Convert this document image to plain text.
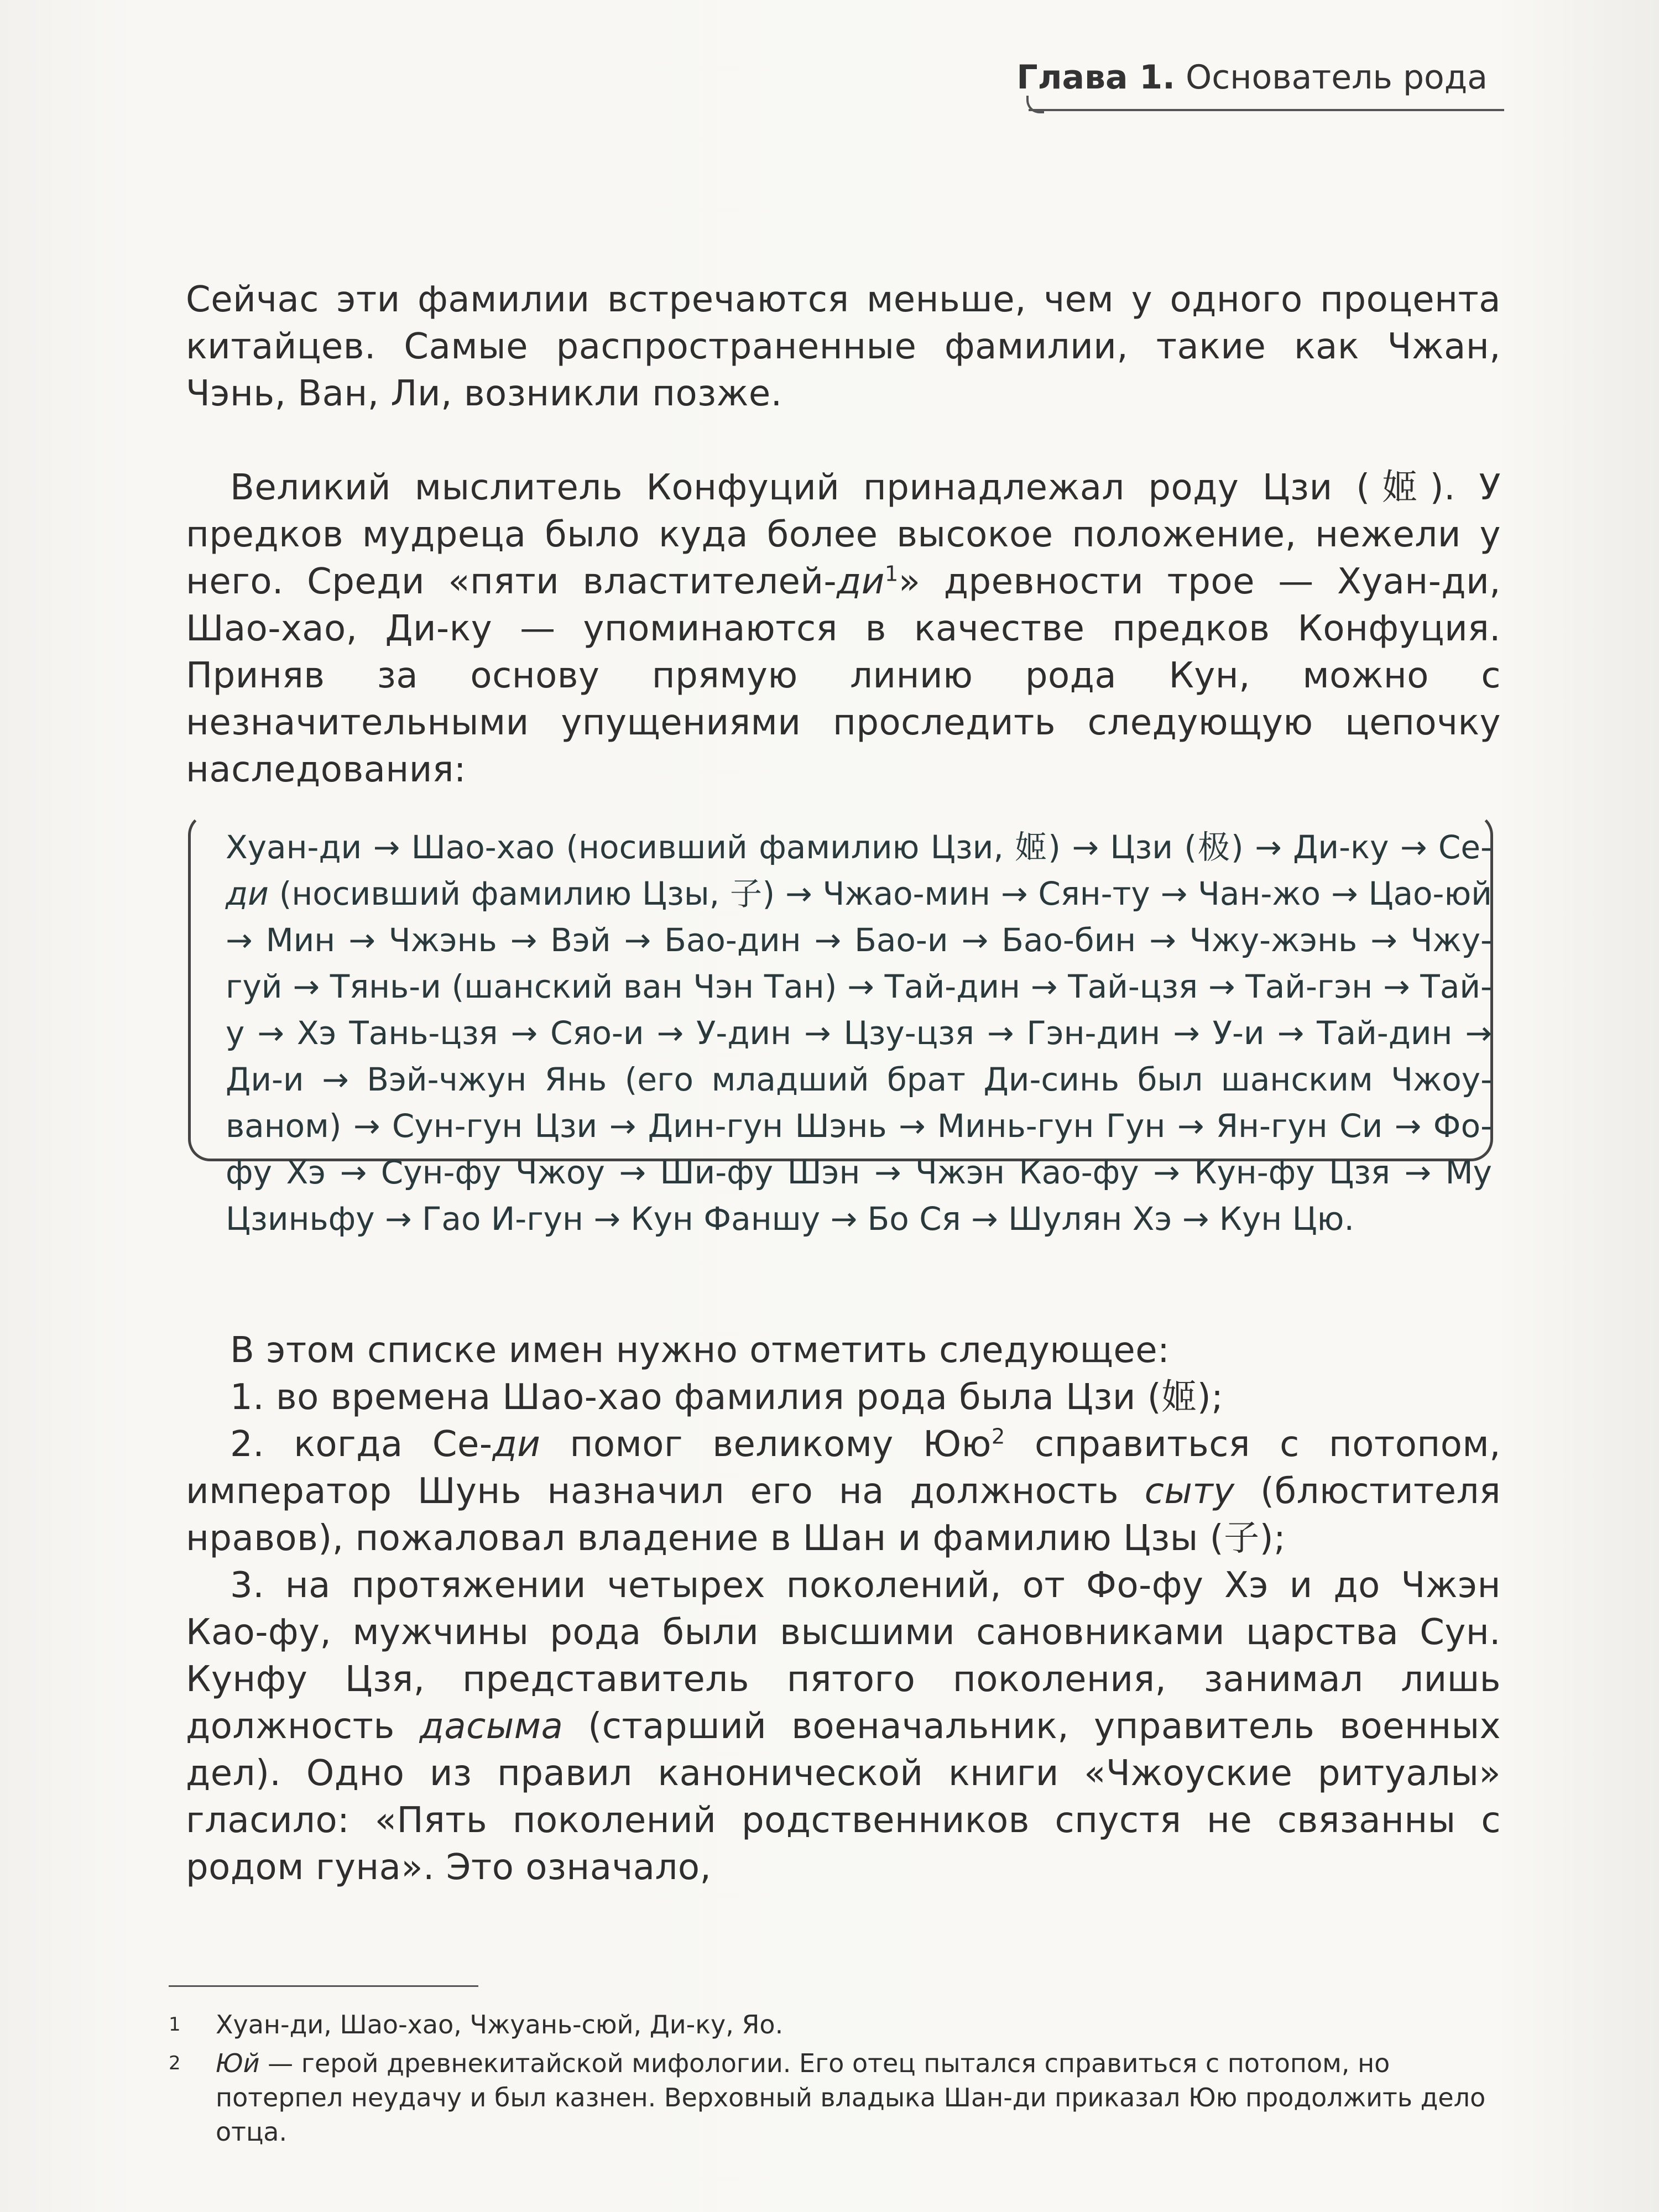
Глава 1. Основатель рода

Сейчас эти фамилии встречаются меньше, чем у одного процента китайцев. Самые распространенные фамилии, такие как Чжан, Чэнь, Ван, Ли, возникли позже.

Великий мыслитель Конфуций принадлежал роду Цзи (姬). У предков мудреца было куда более высокое положение, нежели у него. Среди «пяти властителей-$ди^1$» древности трое — Хуан-ди, Шао-хао, Ди-ку — упоминаются в качестве предков Конфуция. Приняв за основу прямую линию рода Кун, можно с незначительными упущениями проследить следующую цепочку наследования:

Хуан-ди → Шао-хао (носивший фамилию Цзи, 姬) → Цзи (极) → Ди-ку → Се-ди (носивший фамилию Цзы, 子) → Чжао-мин → Сян-ту → Чан-жо → Цао-юй → Мин → Чжэнь → Вэй → Бао-дин → Бао-и → Бао-бин → Чжу-жэнь → Чжу-гуй → Тянь-и (шанский ван Чэн Тан) → Тай-дин → Тай-цзя → Тай-гэн → Тай-у → Хэ Тань-цзя → Сяо-и → У-дин → Цзу-цзя → Гэн-дин → У-и → Тай-дин → Ди-и → Вэй-чжун Янь (его младший брат Ди-синь был шанским Чжоу-ваном) → Сун-гун Цзи → Дин-гун Шэнь → Минь-гун Гун → Ян-гун Си → Фо-фу Хэ → Сун-фу Чжоу → Ши-фу Шэн → Чжэн Као-фу → Кун-фу Цзя → Му Цзиньфу → Гао И-гун → Кун Фаншу → Бо Ся → Шулян Хэ → Кун Цю.

В этом списке имен нужно отметить следующее:

1. во времена Шао-хао фамилия рода была Цзи (姬);

2. когда Се-ди помог великому $Юю^2$ справиться с потопом, император Шунь назначил его на должность сыту (блюстителя нравов), пожаловал владение в Шан и фамилию Цзы (子);

3. на протяжении четырех поколений, от Фо-фу Хэ и до Чжэн Као-фу, мужчины рода были высшими сановниками царства Сун. Кунфу Цзя, представитель пятого поколения, занимал лишь должность дасыма (старший военачальник, управитель военных дел). Одно из правил канонической книги «Чжоуские ритуалы» гласило: «Пять поколений родственников спустя не связанны с родом гуна». Это означало,

1 Хуан-ди, Шао-хао, Чжуань-сюй, Ди-ку, Яо.
2 Юй — герой древнекитайской мифологии. Его отец пытался справиться с потопом, но потерпел неудачу и был казнен. Верховный владыка Шан-ди приказал Юю продолжить дело отца.
